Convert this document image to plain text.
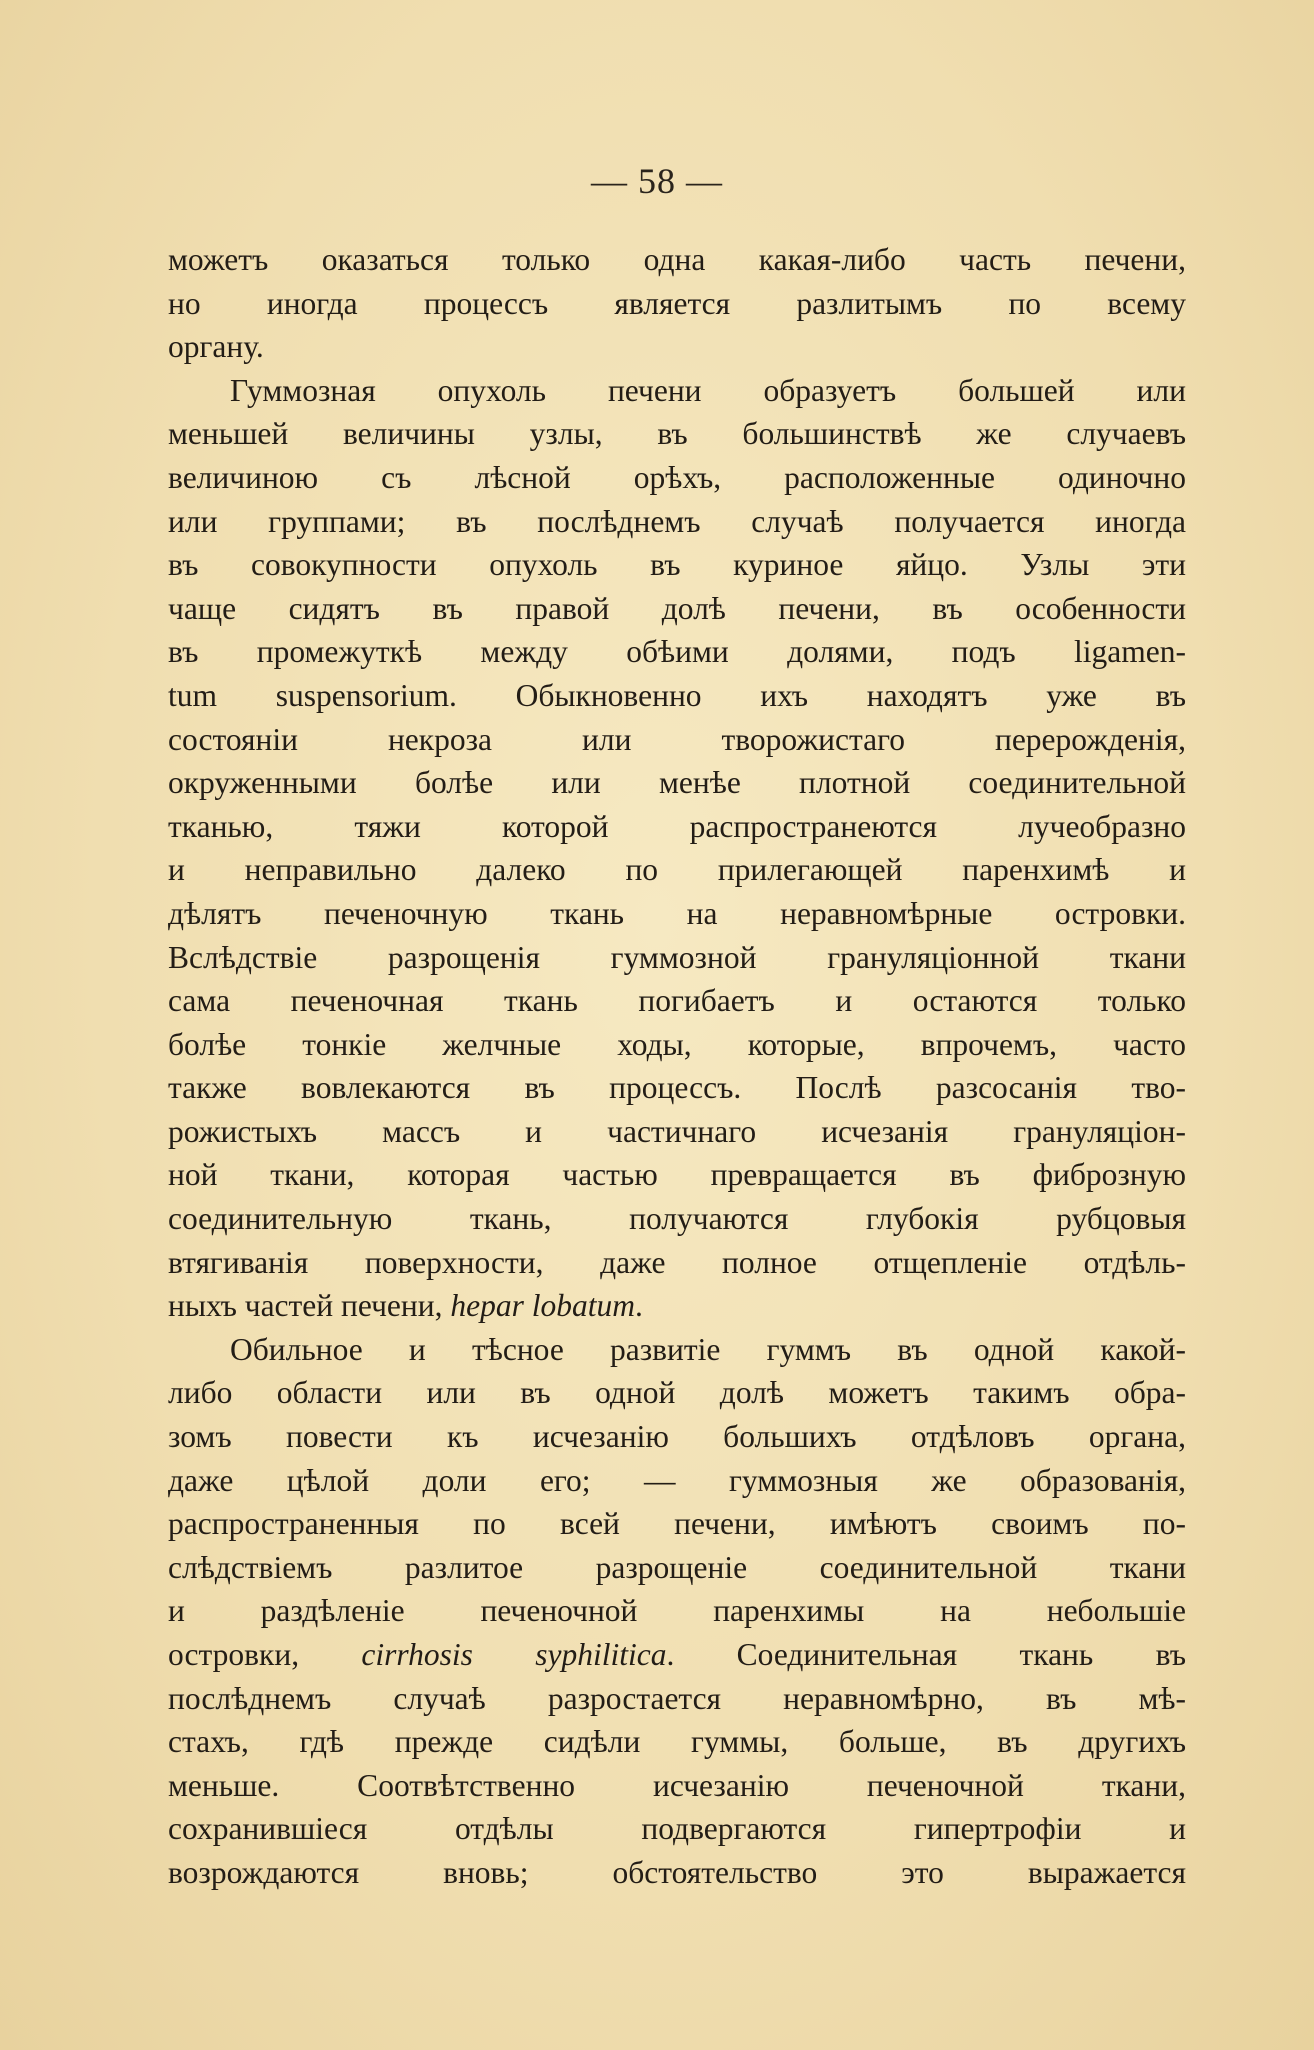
— 58 —
можетъ оказаться только одна какая-либо часть печени,
но иногда процессъ является разлитымъ по всему
органу.
Гуммозная опухоль печени образуетъ большей или
меньшей величины узлы, въ большинствѣ же случаевъ
величиною съ лѣсной орѣхъ, расположенные одиночно
или группами; въ послѣднемъ случаѣ получается иногда
въ совокупности опухоль въ куриное яйцо. Узлы эти
чаще сидятъ въ правой долѣ печени, въ особенности
въ промежуткѣ между обѣими долями, подъ ligamen-
tum suspensorium. Обыкновенно ихъ находятъ уже въ
состоянiи некроза или творожистаго перерожденiя,
окруженными болѣе или менѣе плотной соединительной
тканью, тяжи которой распространеются лучеобразно
и неправильно далеко по прилегающей паренхимѣ и
дѣлятъ печеночную ткань на неравномѣрные островки.
Вслѣдствiе разрощенiя гуммозной грануляцiонной ткани
сама печеночная ткань погибаетъ и остаются только
болѣе тонкiе желчные ходы, которые, впрочемъ, часто
также вовлекаются въ процессъ. Послѣ разсосанiя тво-
рожистыхъ массъ и частичнаго исчезанiя грануляцiон-
ной ткани, которая частью превращается въ фиброзную
соединительную ткань, получаются глубокiя рубцовыя
втягиванiя поверхности, даже полное отщепленiе отдѣль-
ныхъ частей печени, hepar lobatum.
Обильное и тѣсное развитiе гуммъ въ одной какой-
либо области или въ одной долѣ можетъ такимъ обра-
зомъ повести къ исчезанiю большихъ отдѣловъ органа,
даже цѣлой доли его; — гуммозныя же образованiя,
распространенныя по всей печени, имѣютъ своимъ по-
слѣдствiемъ разлитое разрощенiе соединительной ткани
и раздѣленiе печеночной паренхимы на небольшiе
островки, cirrhosis syphilitica. Соединительная ткань въ
послѣднемъ случаѣ разростается неравномѣрно, въ мѣ-
стахъ, гдѣ прежде сидѣли гуммы, больше, въ другихъ
меньше. Соотвѣтственно исчезанiю печеночной ткани,
сохранившiеся отдѣлы подвергаются гипертрофiи и
возрождаются вновь; обстоятельство это выражается
